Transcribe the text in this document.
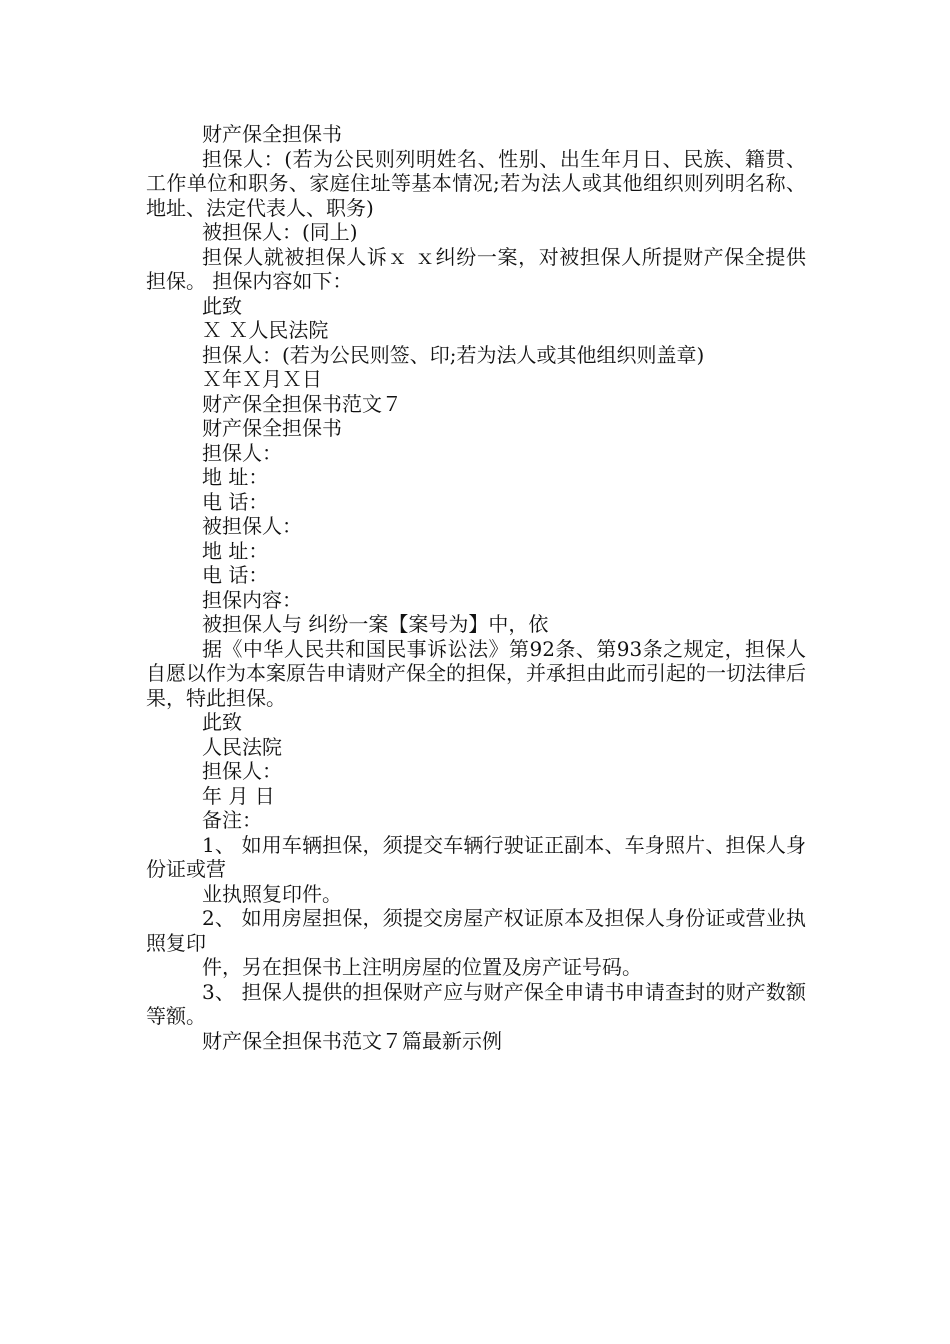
财产保全担保书

担保人：(若为公民则列明姓名、性别、出生年月日、民族、籍贯、工作单位和职务、家庭住址等基本情况;若为法人或其他组织则列明名称、地址、法定代表人、职务)

被担保人：(同上)

担保人就被担保人诉ｘ ｘ纠纷一案，对被担保人所提财产保全提供担保。 担保内容如下：

此致

Ｘ Ｘ人民法院

担保人：(若为公民则签、印;若为法人或其他组织则盖章)

Ｘ年Ｘ月Ｘ日

财产保全担保书范文７

财产保全担保书

担保人：

地 址：

电 话：

被担保人：

地 址：

电 话：

担保内容：

被担保人与 纠纷一案【案号为】中，依

据《中华人民共和国民事诉讼法》第92条、第93条之规定，担保人自愿以作为本案原告申请财产保全的担保，并承担由此而引起的一切法律后果，特此担保。

此致

人民法院

担保人：

年 月 日

备注：

1、 如用车辆担保，须提交车辆行驶证正副本、车身照片、担保人身份证或营

业执照复印件。

2、 如用房屋担保，须提交房屋产权证原本及担保人身份证或营业执照复印

件，另在担保书上注明房屋的位置及房产证号码。

3、 担保人提供的担保财产应与财产保全申请书申请查封的财产数额等额。

财产保全担保书范文７篇最新示例
